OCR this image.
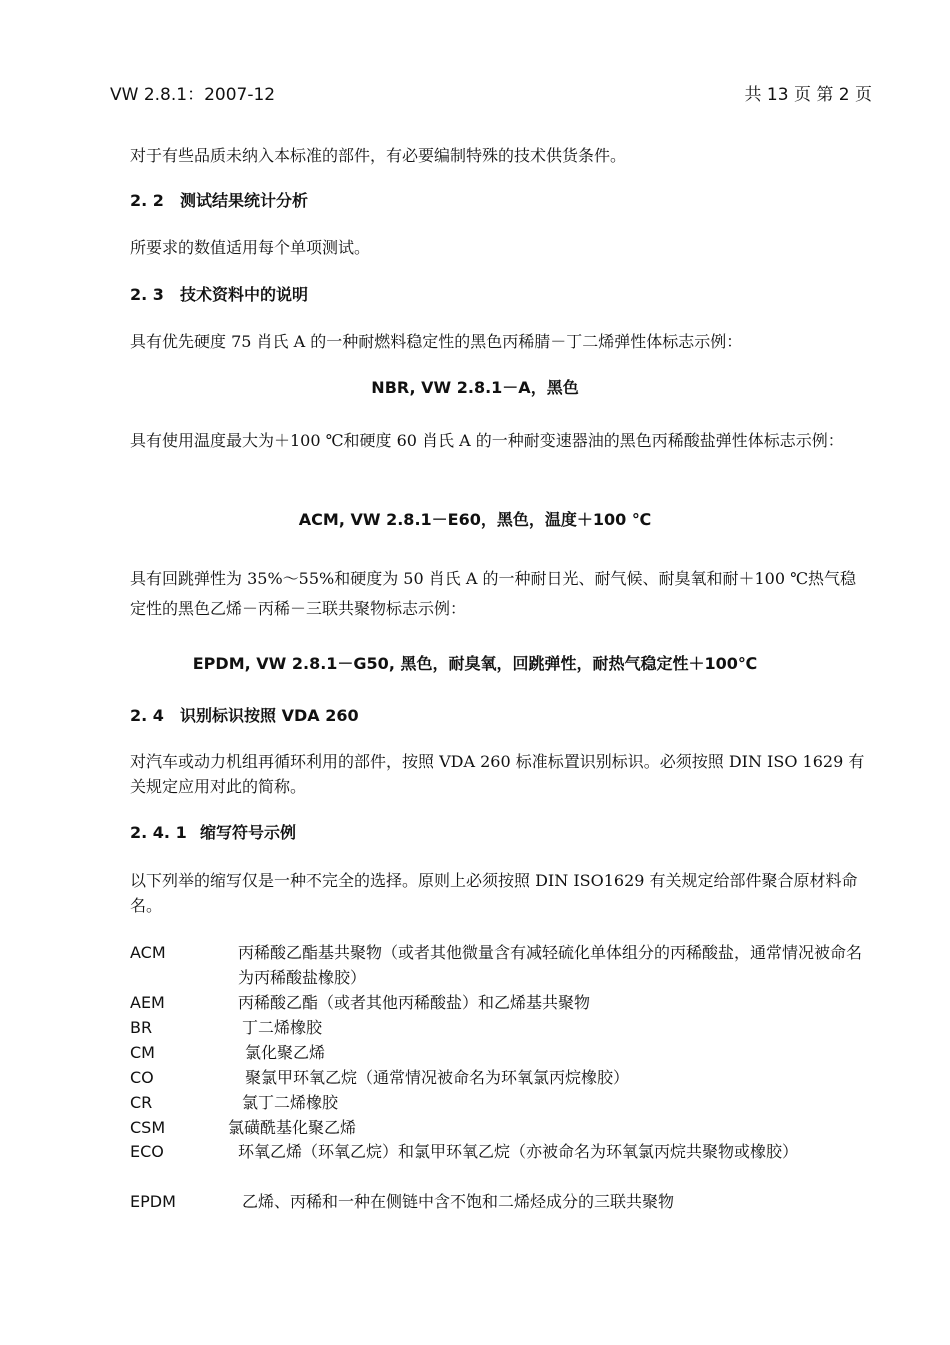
VW 2.8.1：2007-12	共 13 页 第 2 页
对于有些品质未纳入本标准的部件，有必要编制特殊的技术供货条件。
2. 2 测试结果统计分析
所要求的数值适用每个单项测试。
2. 3 技术资料中的说明
具有优先硬度 75 肖氏 A 的一种耐燃料稳定性的黑色丙稀腈－丁二烯弹性体标志示例：
NBR, VW 2.8.1－A，黑色
具有使用温度最大为＋100 ℃和硬度 60 肖氏 A 的一种耐变速器油的黑色丙稀酸盐弹性体标志示例：
ACM, VW 2.8.1－E60，黑色，温度＋100 ℃
具有回跳弹性为 35%～55%和硬度为 50 肖氏 A 的一种耐日光、耐气候、耐臭氧和耐＋100 ℃热气稳定性的黑色乙烯－丙稀－三联共聚物标志示例：
EPDM, VW 2.8.1－G50, 黑色，耐臭氧，回跳弹性，耐热气稳定性＋100℃
2. 4 识别标识按照 VDA 260
对汽车或动力机组再循环利用的部件，按照 VDA 260 标准标置识别标识。必须按照 DIN ISO 1629 有关规定应用对此的简称。
2. 4. 1 缩写符号示例
以下列举的缩写仅是一种不完全的选择。原则上必须按照 DIN ISO1629 有关规定给部件聚合原材料命名。
ACM	丙稀酸乙酯基共聚物（或者其他微量含有减轻硫化单体组分的丙稀酸盐，通常情况被命名为丙稀酸盐橡胶）
AEM	丙稀酸乙酯（或者其他丙稀酸盐）和乙烯基共聚物
BR	丁二烯橡胶
CM	氯化聚乙烯
CO	聚氯甲环氧乙烷（通常情况被命名为环氧氯丙烷橡胶）
CR	氯丁二烯橡胶
CSM	氯磺酰基化聚乙烯
ECO	环氧乙烯（环氧乙烷）和氯甲环氧乙烷（亦被命名为环氧氯丙烷共聚物或橡胶）
EPDM	乙烯、丙稀和一种在侧链中含不饱和二烯烃成分的三联共聚物
